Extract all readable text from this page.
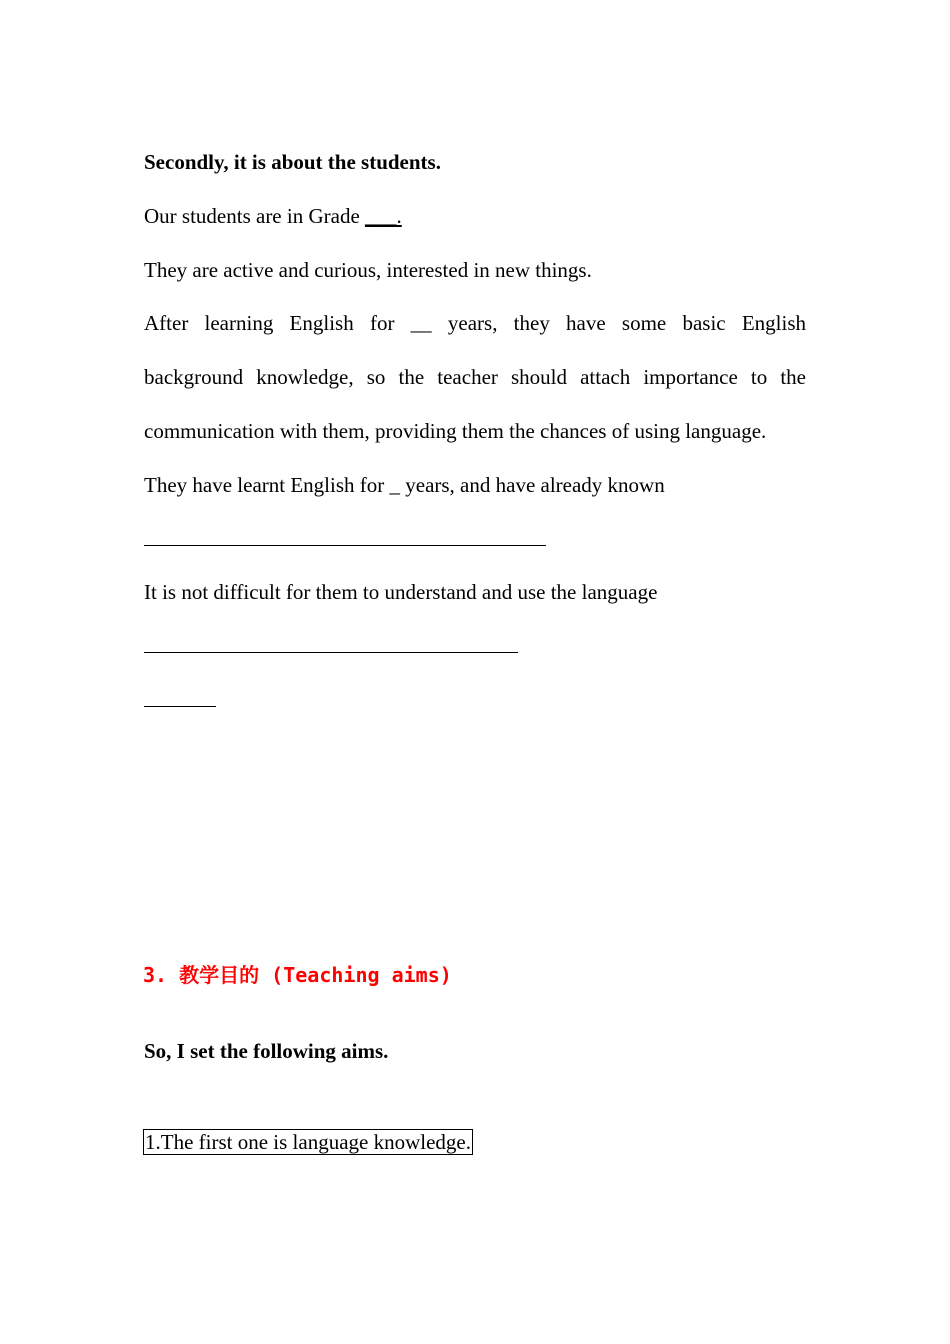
Secondly, it is about the students.
Our students are in Grade ___.
They are active and curious, interested in new things.
After learning English for __ years, they have some basic English
background knowledge, so the teacher should attach importance to the
communication with them, providing them the chances of using language.
They have learnt English for _ years, and have already known
It is not difficult for them to understand and use the language
3. 教学目的 (Teaching aims)
So, I set the following aims.
1.The first one is language knowledge.
